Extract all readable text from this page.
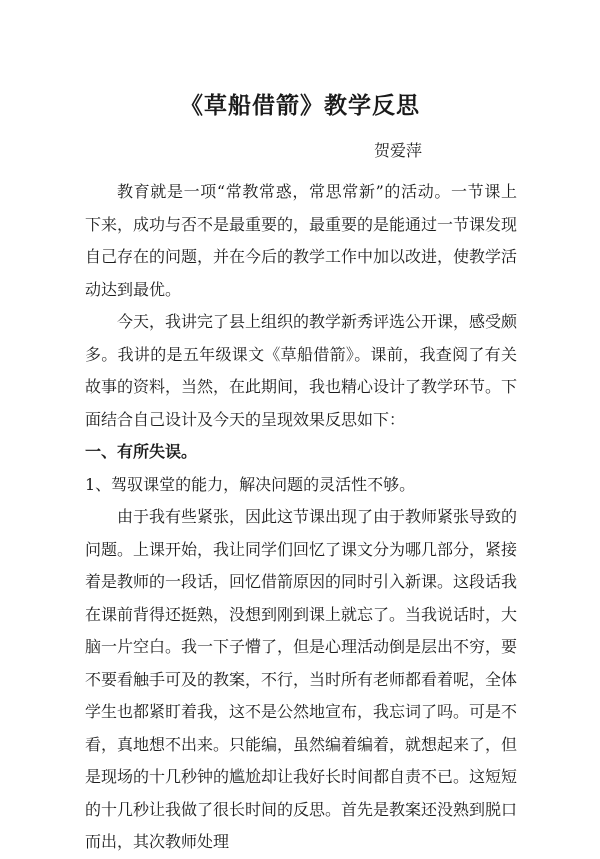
《草船借箭》教学反思
贺爱萍

教育就是一项“常教常惑，常思常新”的活动。一节课上下来，成功与否不是最重要的，最重要的是能通过一节课发现自己存在的问题，并在今后的教学工作中加以改进，使教学活动达到最优。

今天，我讲完了县上组织的教学新秀评选公开课，感受颇多。我讲的是五年级课文《草船借箭》。课前，我查阅了有关故事的资料，当然，在此期间，我也精心设计了教学环节。下面结合自己设计及今天的呈现效果反思如下：

一、有所失误。

1、驾驭课堂的能力，解决问题的灵活性不够。

由于我有些紧张，因此这节课出现了由于教师紧张导致的问题。上课开始，我让同学们回忆了课文分为哪几部分，紧接着是教师的一段话，回忆借箭原因的同时引入新课。这段话我在课前背得还挺熟，没想到刚到课上就忘了。当我说话时，大脑一片空白。我一下子懵了，但是心理活动倒是层出不穷，要不要看触手可及的教案，不行，当时所有老师都看着呢，全体学生也都紧盯着我，这不是公然地宣布，我忘词了吗。可是不看，真地想不出来。只能编，虽然编着编着，就想起来了，但是现场的十几秒钟的尴尬却让我好长时间都自责不已。这短短的十几秒让我做了很长时间的反思。首先是教案还没熟到脱口而出，其次教师处理
